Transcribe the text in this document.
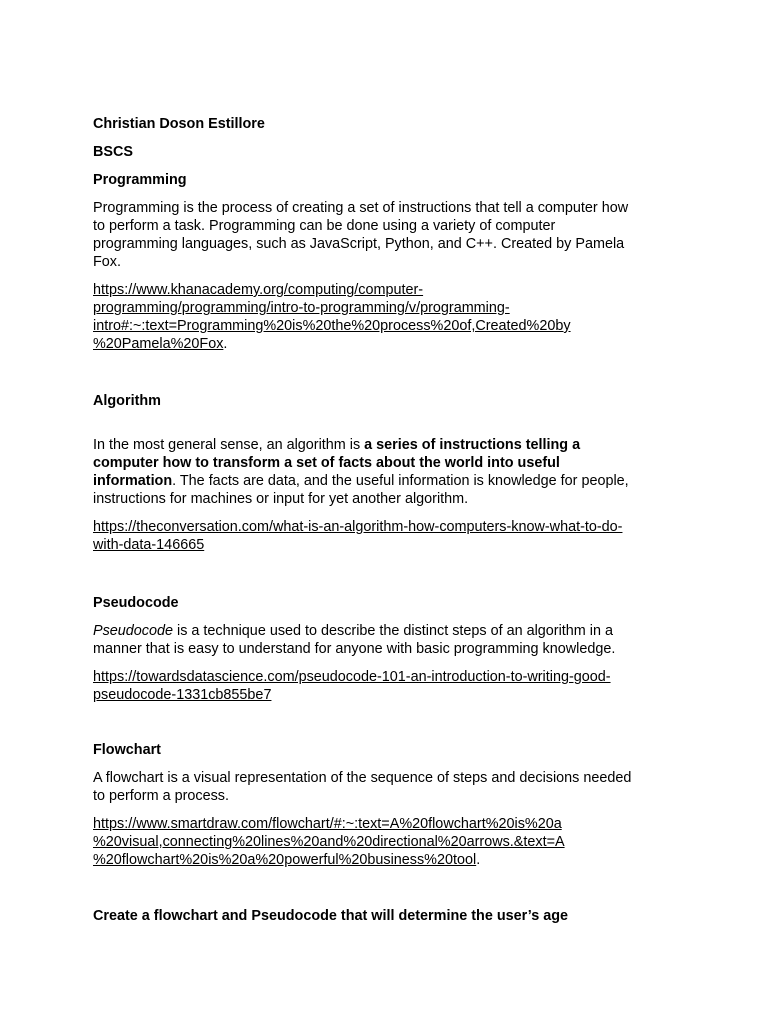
Christian Doson Estillore
BSCS
Programming
Programming is the process of creating a set of instructions that tell a computer how
to perform a task. Programming can be done using a variety of computer
programming languages, such as JavaScript, Python, and C++. Created by Pamela
Fox.
https://www.khanacademy.org/computing/computer-
programming/programming/intro-to-programming/v/programming-
intro#:~:text=Programming%20is%20the%20process%20of,Created%20by
%20Pamela%20Fox.
Algorithm
In the most general sense, an algorithm is a series of instructions telling a
computer how to transform a set of facts about the world into useful
information. The facts are data, and the useful information is knowledge for people,
instructions for machines or input for yet another algorithm.
https://theconversation.com/what-is-an-algorithm-how-computers-know-what-to-do-
with-data-146665
Pseudocode
Pseudocode is a technique used to describe the distinct steps of an algorithm in a
manner that is easy to understand for anyone with basic programming knowledge.
https://towardsdatascience.com/pseudocode-101-an-introduction-to-writing-good-
pseudocode-1331cb855be7
Flowchart
A flowchart is a visual representation of the sequence of steps and decisions needed
to perform a process.
https://www.smartdraw.com/flowchart/#:~:text=A%20flowchart%20is%20a
%20visual,connecting%20lines%20and%20directional%20arrows.&text=A
%20flowchart%20is%20a%20powerful%20business%20tool.
Create a flowchart and Pseudocode that will determine the user’s age
